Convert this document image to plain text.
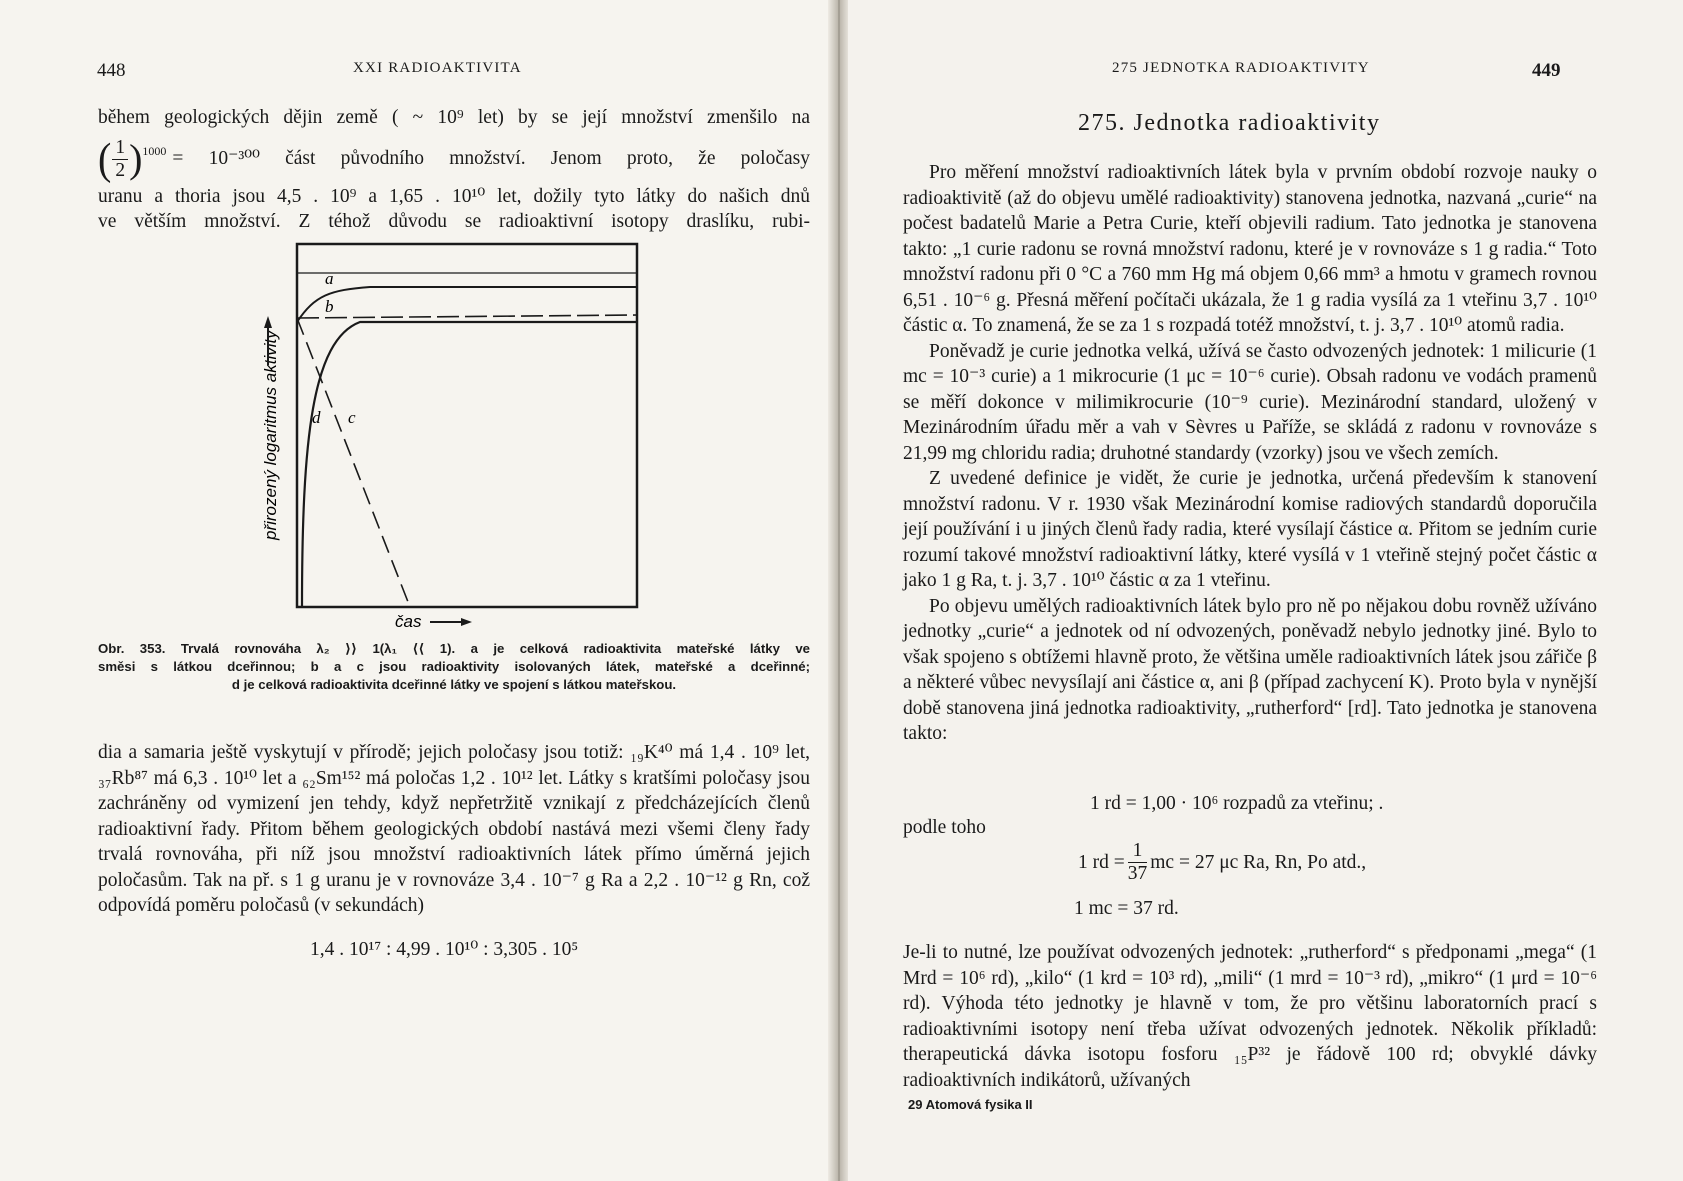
448	XXI RADIOAKTIVITA

během geologických dějin země ( ~ 10⁹ let) by se její množství zmenšilo na

( $\frac{1}{2}$ ) 1000 = 10⁻³⁰⁰ část původního množství. Jenom proto, že poločasy

uranu a thoria jsou 4,5 . 10⁹ a 1,65 . 10¹⁰ let, dožily tyto látky do našich dnů

ve větším množství. Z téhož důvodu se radioaktivní isotopy draslíku, rubi-

a
b
c
d
přirozený logaritmus aktivity
čas
Obr. 353. Trvalá rovnováha λ₂ ⟩⟩ 1(λ₁ ⟨⟨ 1). a je celková radioaktivita mateřské látky ve
směsi s látkou dceřinnou; b a c jsou radioaktivity isolovaných látek, mateřské a dceřinné;
d je celková radioaktivita dceřinné látky ve spojení s látkou mateřskou.
dia a samaria ještě vyskytují v přírodě; jejich poločasy jsou totiž: ₁₉K⁴⁰ má 1,4 . 10⁹ let, ₃₇Rb⁸⁷ má 6,3 . 10¹⁰ let a ₆₂Sm¹⁵² má poločas 1,2 . 10¹² let. Látky s kratšími poločasy jsou zachráněny od vymizení jen tehdy, když nepřetržitě vznikají z předcházejících členů radioaktivní řady. Přitom během geologických období nastává mezi všemi členy řady trvalá rovnováha, při níž jsou množství radioaktivních látek přímo úměrná jejich poločasům. Tak na př. s 1 g uranu je v rovnováze 3,4 . 10⁻⁷ g Ra a 2,2 . 10⁻¹² g Rn, což odpovídá poměru poločasů (v sekundách)
1,4 . 10¹⁷ : 4,99 . 10¹⁰ : 3,305 . 10⁵
275 JEDNOTKA RADIOAKTIVITY	449
275. Jednotka radioaktivity

Pro měření množství radioaktivních látek byla v prvním období rozvoje nauky o radioaktivitě (až do objevu umělé radioaktivity) stanovena jednotka, nazvaná „curie“ na počest badatelů Marie a Petra Curie, kteří objevili radium. Tato jednotka je stanovena takto: „1 curie radonu se rovná množství radonu, které je v rovnováze s 1 g radia.“ Toto množství radonu při 0 °C a 760 mm Hg má objem 0,66 mm³ a hmotu v gramech rovnou 6,51 . 10⁻⁶ g. Přesná měření počítači ukázala, že 1 g radia vysílá za 1 vteřinu 3,7 . 10¹⁰ částic α. To znamená, že se za 1 s rozpadá totéž množství, t. j. 3,7 . 10¹⁰ atomů radia.

Poněvadž je curie jednotka velká, užívá se často odvozených jednotek: 1 milicurie (1 mc = 10⁻³ curie) a 1 mikrocurie (1 μc = 10⁻⁶ curie). Obsah radonu ve vodách pramenů se měří dokonce v milimikrocurie (10⁻⁹ curie). Mezinárodní standard, uložený v Mezinárodním úřadu měr a vah v Sèvres u Paříže, se skládá z radonu v rovnováze s 21,99 mg chloridu radia; druhotné standardy (vzorky) jsou ve všech zemích.

Z uvedené definice je vidět, že curie je jednotka, určená především k stanovení množství radonu. V r. 1930 však Mezinárodní komise radiových standardů doporučila její používání i u jiných členů řady radia, které vysílají částice α. Přitom se jedním curie rozumí takové množství radioaktivní látky, které vysílá v 1 vteřině stejný počet částic α jako 1 g Ra, t. j. 3,7 . 10¹⁰ částic α za 1 vteřinu.

Po objevu umělých radioaktivních látek bylo pro ně po nějakou dobu rovněž užíváno jednotky „curie“ a jednotek od ní odvozených, poněvadž nebylo jednotky jiné. Bylo to však spojeno s obtížemi hlavně proto, že většina uměle radioaktivních látek jsou zářiče β a některé vůbec nevysílají ani částice α, ani β (případ zachycení K). Proto byla v nynější době stanovena jiná jednotka radioaktivity, „rutherford“ [rd]. Tato jednotka je stanovena takto:

1 rd = 1,00 · 10⁶ rozpadů za vteřinu; .
podle toho
1 rd = $\frac{1}{37}$ mc = 27 μc Ra, Rn, Po atd.,
1 mc = 37 rd.
Je-li to nutné, lze používat odvozených jednotek: „rutherford“ s předponami „mega“ (1 Mrd = 10⁶ rd), „kilo“ (1 krd = 10³ rd), „mili“ (1 mrd = 10⁻³ rd), „mikro“ (1 μrd = 10⁻⁶ rd). Výhoda této jednotky je hlavně v tom, že pro většinu laboratorních prací s radioaktivními isotopy není třeba užívat odvozených jednotek. Několik příkladů: therapeutická dávka isotopu fosforu ₁₅P³² je řádově 100 rd; obvyklé dávky radioaktivních indikátorů, užívaných
29 Atomová fysika II
